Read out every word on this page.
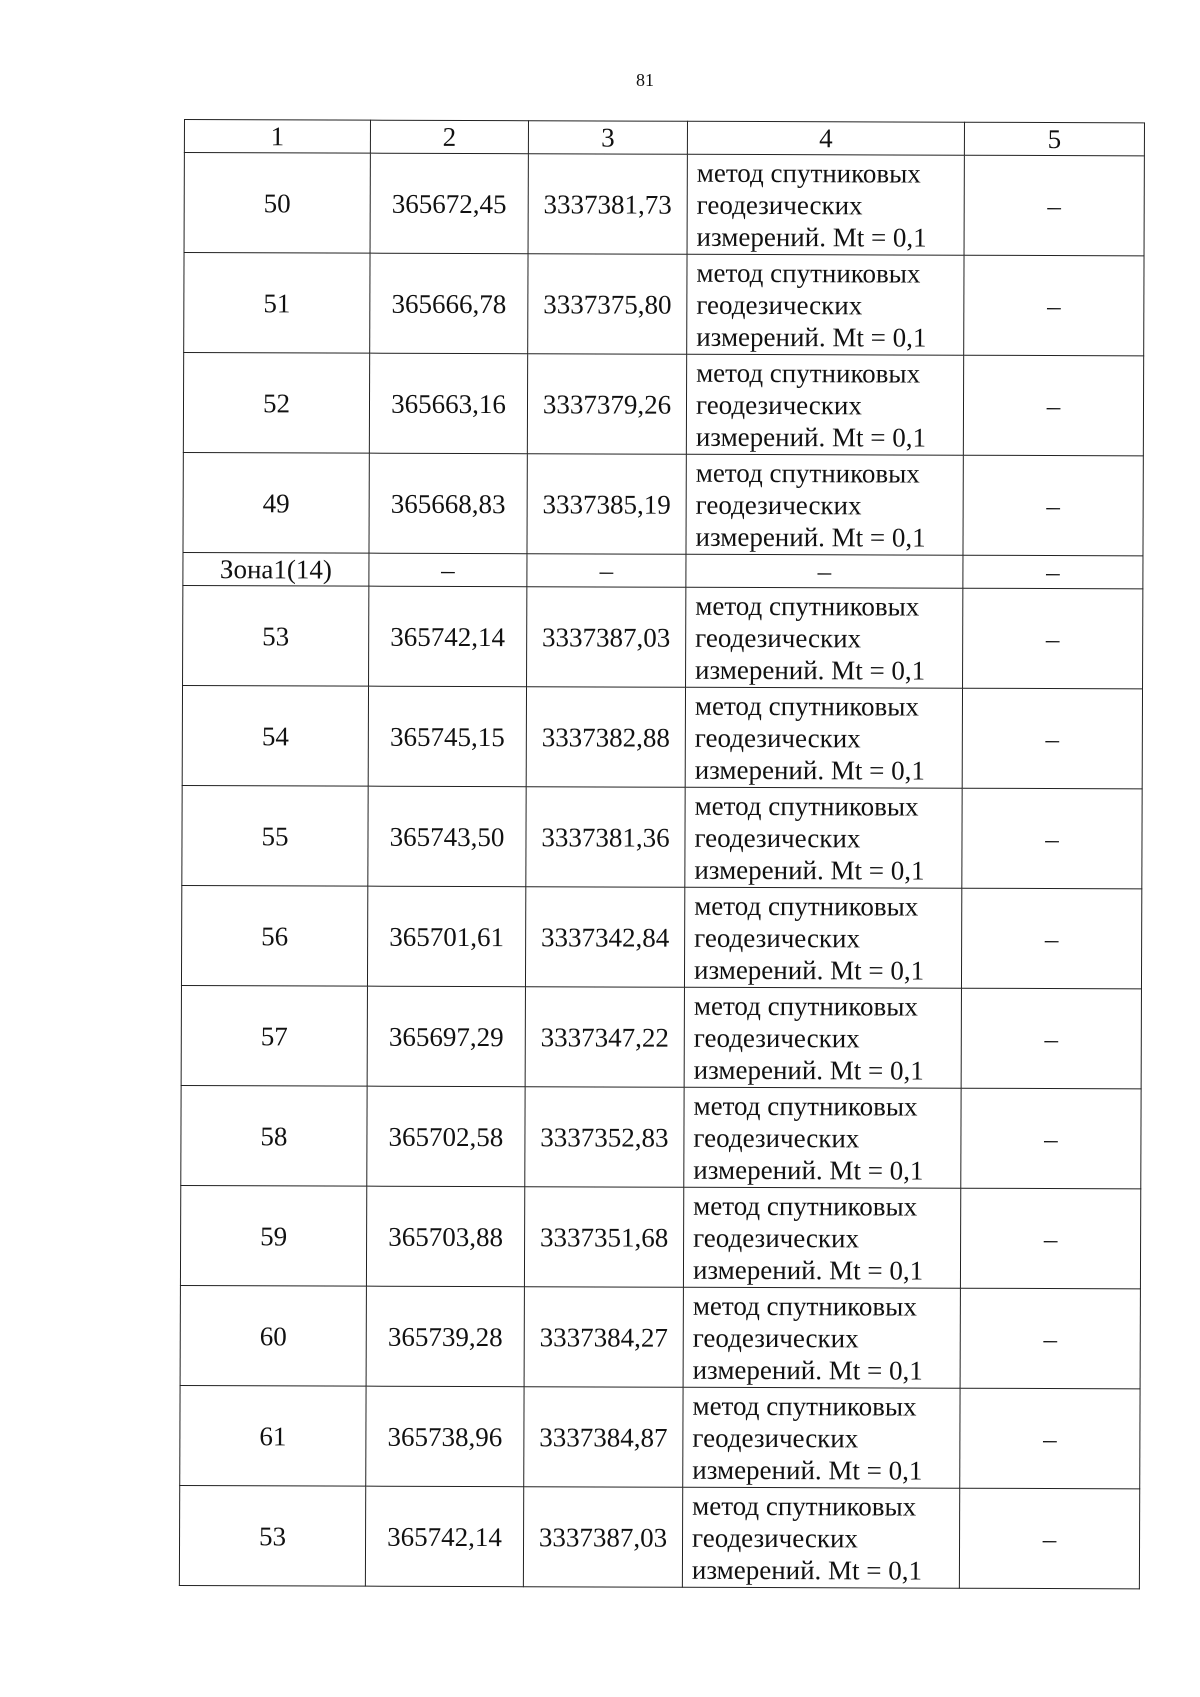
81
1	2	3	4	5
50	365672,45	3337381,73	метод спутниковых
геодезических
измерений. Mt = 0,1	–
51	365666,78	3337375,80	метод спутниковых
геодезических
измерений. Mt = 0,1	–
52	365663,16	3337379,26	метод спутниковых
геодезических
измерений. Mt = 0,1	–
49	365668,83	3337385,19	метод спутниковых
геодезических
измерений. Mt = 0,1	–
Зона1(14)	–	–	–	–
53	365742,14	3337387,03	метод спутниковых
геодезических
измерений. Mt = 0,1	–
54	365745,15	3337382,88	метод спутниковых
геодезических
измерений. Mt = 0,1	–
55	365743,50	3337381,36	метод спутниковых
геодезических
измерений. Mt = 0,1	–
56	365701,61	3337342,84	метод спутниковых
геодезических
измерений. Mt = 0,1	–
57	365697,29	3337347,22	метод спутниковых
геодезических
измерений. Mt = 0,1	–
58	365702,58	3337352,83	метод спутниковых
геодезических
измерений. Mt = 0,1	–
59	365703,88	3337351,68	метод спутниковых
геодезических
измерений. Mt = 0,1	–
60	365739,28	3337384,27	метод спутниковых
геодезических
измерений. Mt = 0,1	–
61	365738,96	3337384,87	метод спутниковых
геодезических
измерений. Mt = 0,1	–
53	365742,14	3337387,03	метод спутниковых
геодезических
измерений. Mt = 0,1	–
